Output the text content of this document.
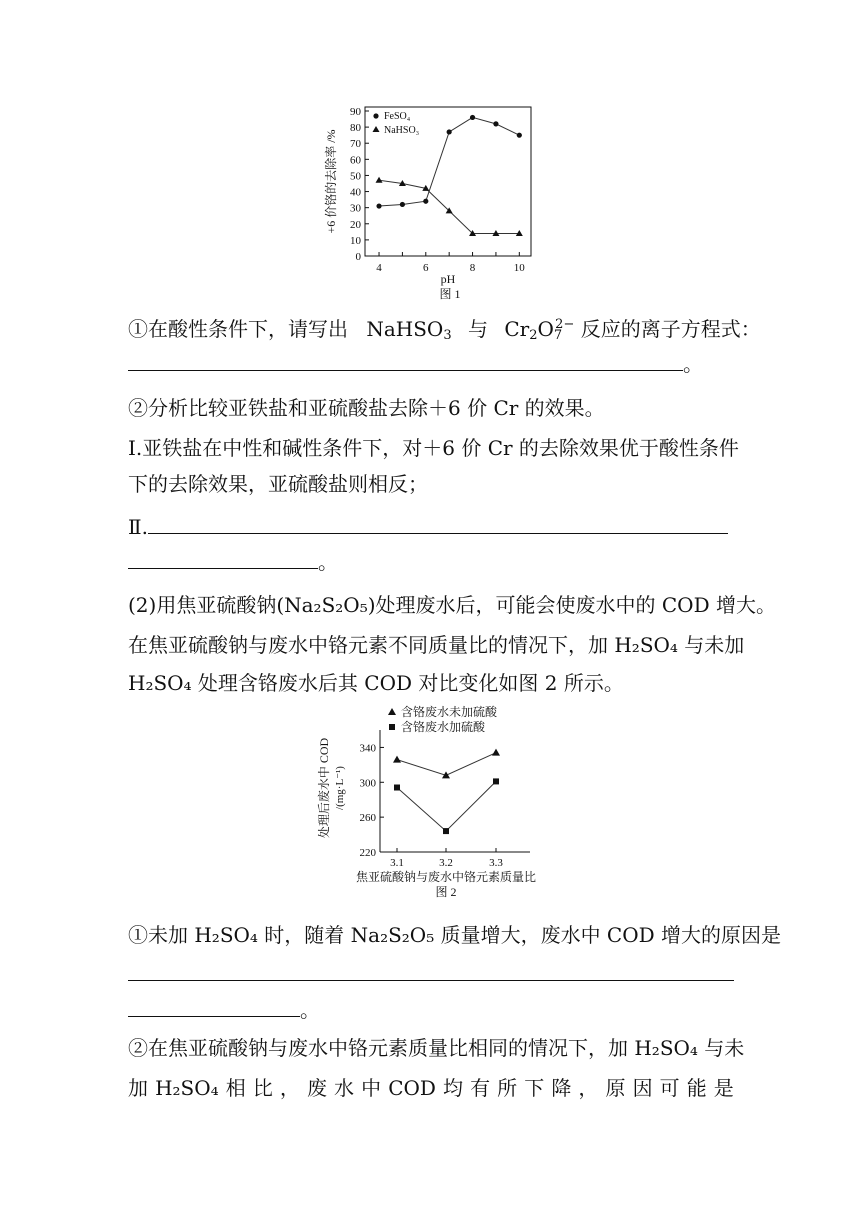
0
10
20
30
40
50
60
70
80
90
4	6	8	10
pH
图 1
+6 价铬的去除率 /%
FeSO₄
NaHSO₃
①在酸性条件下，请写出 NaHSO$_3$ 与 $Cr_2O_7^{2-}$ 反应的离子方程式：
。
②分析比较亚铁盐和亚硫酸盐去除＋6 价 Cr 的效果。
Ⅰ.亚铁盐在中性和碱性条件下，对＋6 价 Cr 的去除效果优于酸性条件
下的去除效果，亚硫酸盐则相反；
Ⅱ.
。
(2)用焦亚硫酸钠(Na₂S₂O₅)处理废水后，可能会使废水中的 COD 增大。
在焦亚硫酸钠与废水中铬元素不同质量比的情况下，加 H₂SO₄ 与未加
H₂SO₄ 处理含铬废水后其 COD 对比变化如图 2 所示。
220
260
300
340
3.1	3.2	3.3
焦亚硫酸钠与废水中铬元素质量比
图 2
处理后废水中 COD /(mg·L⁻¹)
含铬废水未加硫酸
含铬废水加硫酸
①未加 H₂SO₄ 时，随着 Na₂S₂O₅ 质量增大，废水中 COD 增大的原因是
。
②在焦亚硫酸钠与废水中铬元素质量比相同的情况下，加 H₂SO₄ 与未
加 H₂SO₄ 相 比 ， 废 水 中 COD 均 有 所 下 降 ， 原 因 可 能 是
